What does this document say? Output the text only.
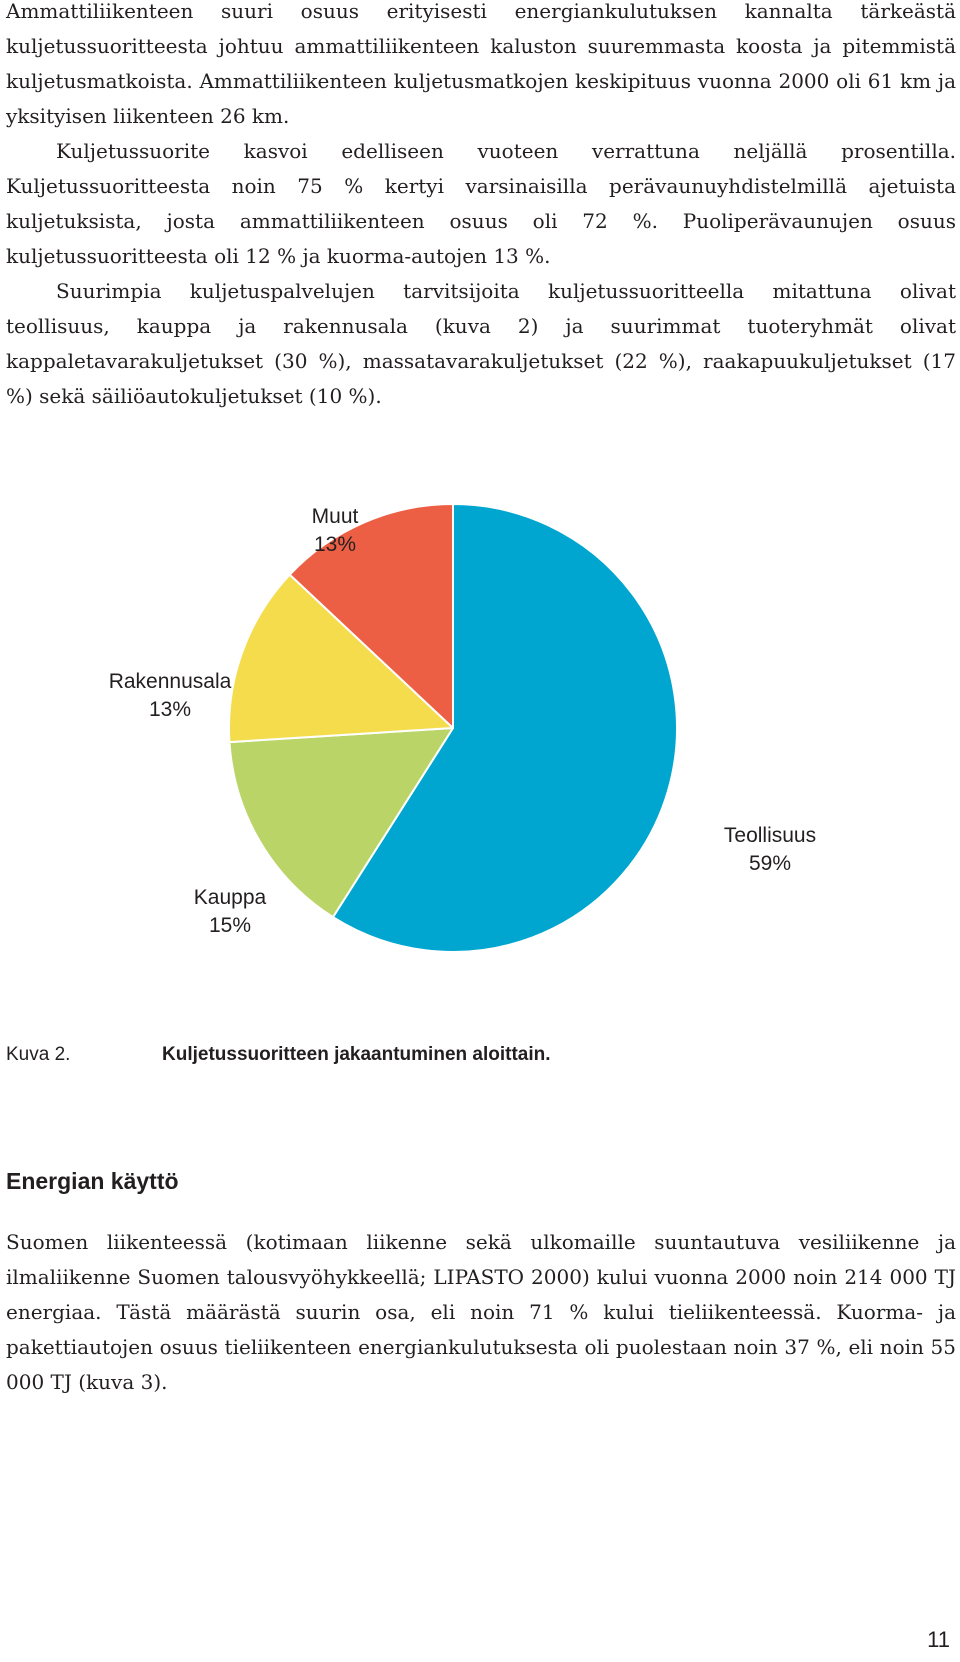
Ammattiliikenteen suuri osuus erityisesti energiankulutuksen kannalta tärkeästä kuljetussuoritteesta johtuu ammattiliikenteen kaluston suuremmasta koosta ja pitemmistä kuljetusmatkoista. Ammattiliikenteen kuljetusmatkojen keskipituus vuonna 2000 oli 61 km ja yksityisen liikenteen 26 km.

Kuljetussuorite kasvoi edelliseen vuoteen verrattuna neljällä prosentilla. Kuljetussuoritteesta noin 75 % kertyi varsinaisilla perävaunuyhdistelmillä ajetuista kuljetuksista, josta ammattiliikenteen osuus oli 72 %. Puoliperävaunujen osuus kuljetussuoritteesta oli 12 % ja kuorma-autojen 13 %.

Suurimpia kuljetuspalvelujen tarvitsijoita kuljetussuoritteella mitattuna olivat teollisuus, kauppa ja rakennusala (kuva 2) ja suurimmat tuoteryhmät olivat kappaletavarakuljetukset (30 %), massatavarakuljetukset (22 %), raakapuukuljetukset (17 %) sekä säiliöautokuljetukset (10 %).

Teollisuus
59%
Kauppa
15%
Rakennusala
13%
Muut
13%
Kuva 2.	Kuljetussuoritteen jakaantuminen aloittain.
Energian käyttö

Suomen liikenteessä (kotimaan liikenne sekä ulkomaille suuntautuva vesiliikenne ja ilmaliikenne Suomen talousvyöhykkeellä; LIPASTO 2000) kului vuonna 2000 noin 214 000 TJ energiaa. Tästä määrästä suurin osa, eli noin 71 % kului tieliikenteessä. Kuorma- ja pakettiautojen osuus tieliikenteen energiankulutuksesta oli puolestaan noin 37 %, eli noin 55 000 TJ (kuva 3).

11
